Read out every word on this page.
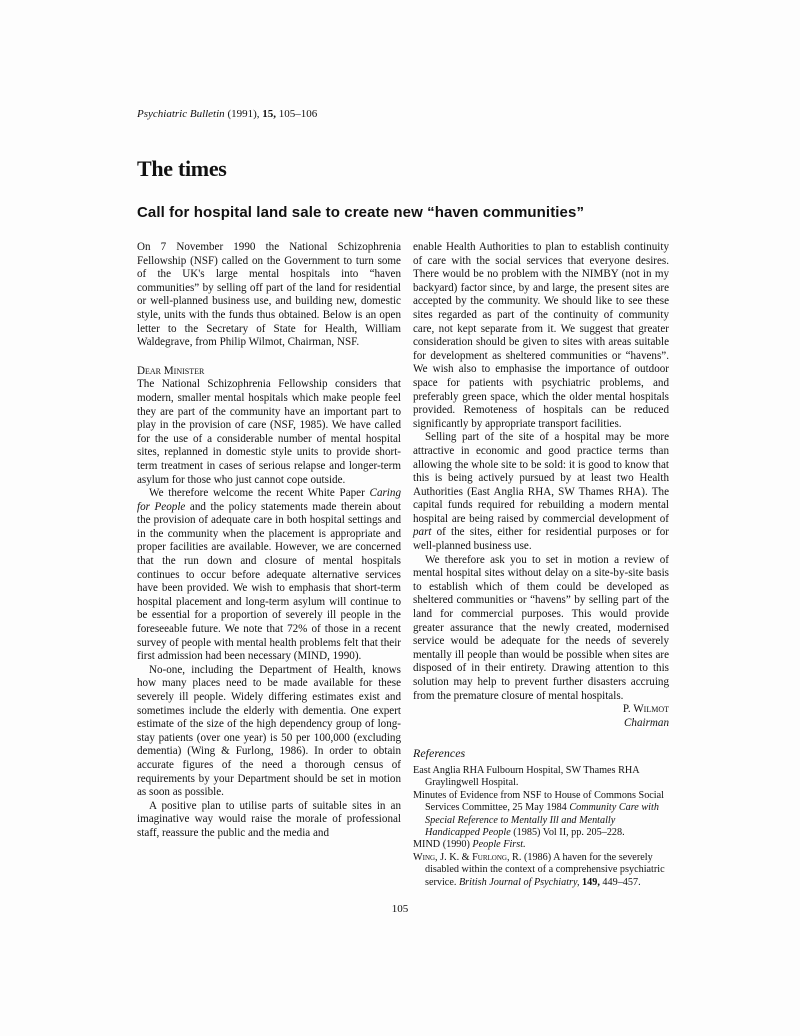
Psychiatric Bulletin (1991), 15, 105–106
The times
Call for hospital land sale to create new “haven communities”

On 7 November 1990 the National Schizophrenia Fellowship (NSF) called on the Government to turn some of the UK's large mental hospitals into “haven communities” by selling off part of the land for residential or well-planned business use, and building new, domestic style, units with the funds thus obtained. Below is an open letter to the Secretary of State for Health, William Waldegrave, from Philip Wilmot, Chairman, NSF.

Dear Minister

The National Schizophrenia Fellowship considers that modern, smaller mental hospitals which make people feel they are part of the community have an important part to play in the provision of care (NSF, 1985). We have called for the use of a considerable number of mental hospital sites, replanned in domestic style units to provide short-term treatment in cases of serious relapse and longer-term asylum for those who just cannot cope outside.

We therefore welcome the recent White Paper Caring for People and the policy statements made therein about the provision of adequate care in both hospital settings and in the community when the placement is appropriate and proper facilities are available. However, we are concerned that the run down and closure of mental hospitals continues to occur before adequate alternative services have been provided. We wish to emphasis that short-term hospital placement and long-term asylum will continue to be essential for a proportion of severely ill people in the foreseeable future. We note that 72% of those in a recent survey of people with mental health problems felt that their first admission had been necessary (MIND, 1990).

No-one, including the Department of Health, knows how many places need to be made available for these severely ill people. Widely differing estimates exist and sometimes include the elderly with dementia. One expert estimate of the size of the high dependency group of long-stay patients (over one year) is 50 per 100,000 (excluding dementia) (Wing & Furlong, 1986). In order to obtain accurate figures of the need a thorough census of requirements by your Department should be set in motion as soon as possible.

A positive plan to utilise parts of suitable sites in an imaginative way would raise the morale of professional staff, reassure the public and the media and

enable Health Authorities to plan to establish continuity of care with the social services that everyone desires. There would be no problem with the NIMBY (not in my backyard) factor since, by and large, the present sites are accepted by the community. We should like to see these sites regarded as part of the continuity of community care, not kept separate from it. We suggest that greater consideration should be given to sites with areas suitable for development as sheltered communities or “havens”. We wish also to emphasise the importance of outdoor space for patients with psychiatric problems, and preferably green space, which the older mental hospitals provided. Remoteness of hospitals can be reduced significantly by appropriate transport facilities.

Selling part of the site of a hospital may be more attractive in economic and good practice terms than allowing the whole site to be sold: it is good to know that this is being actively pursued by at least two Health Authorities (East Anglia RHA, SW Thames RHA). The capital funds required for rebuilding a modern mental hospital are being raised by commercial development of part of the sites, either for residential purposes or for well-planned business use.

We therefore ask you to set in motion a review of mental hospital sites without delay on a site-by-site basis to establish which of them could be developed as sheltered communities or “havens” by selling part of the land for commercial purposes. This would provide greater assurance that the newly created, modernised service would be adequate for the needs of severely mentally ill people than would be possible when sites are disposed of in their entirety. Drawing attention to this solution may help to prevent further disasters accruing from the premature closure of mental hospitals.

P. Wilmot

Chairman

References

East Anglia RHA Fulbourn Hospital, SW Thames RHA Graylingwell Hospital.

Minutes of Evidence from NSF to House of Commons Social Services Committee, 25 May 1984 Community Care with Special Reference to Mentally Ill and Mentally Handicapped People (1985) Vol II, pp. 205–228.

MIND (1990) People First.

Wing, J. K. & Furlong, R. (1986) A haven for the severely disabled within the context of a comprehensive psychiatric service. British Journal of Psychiatry, 149, 449–457.

105
